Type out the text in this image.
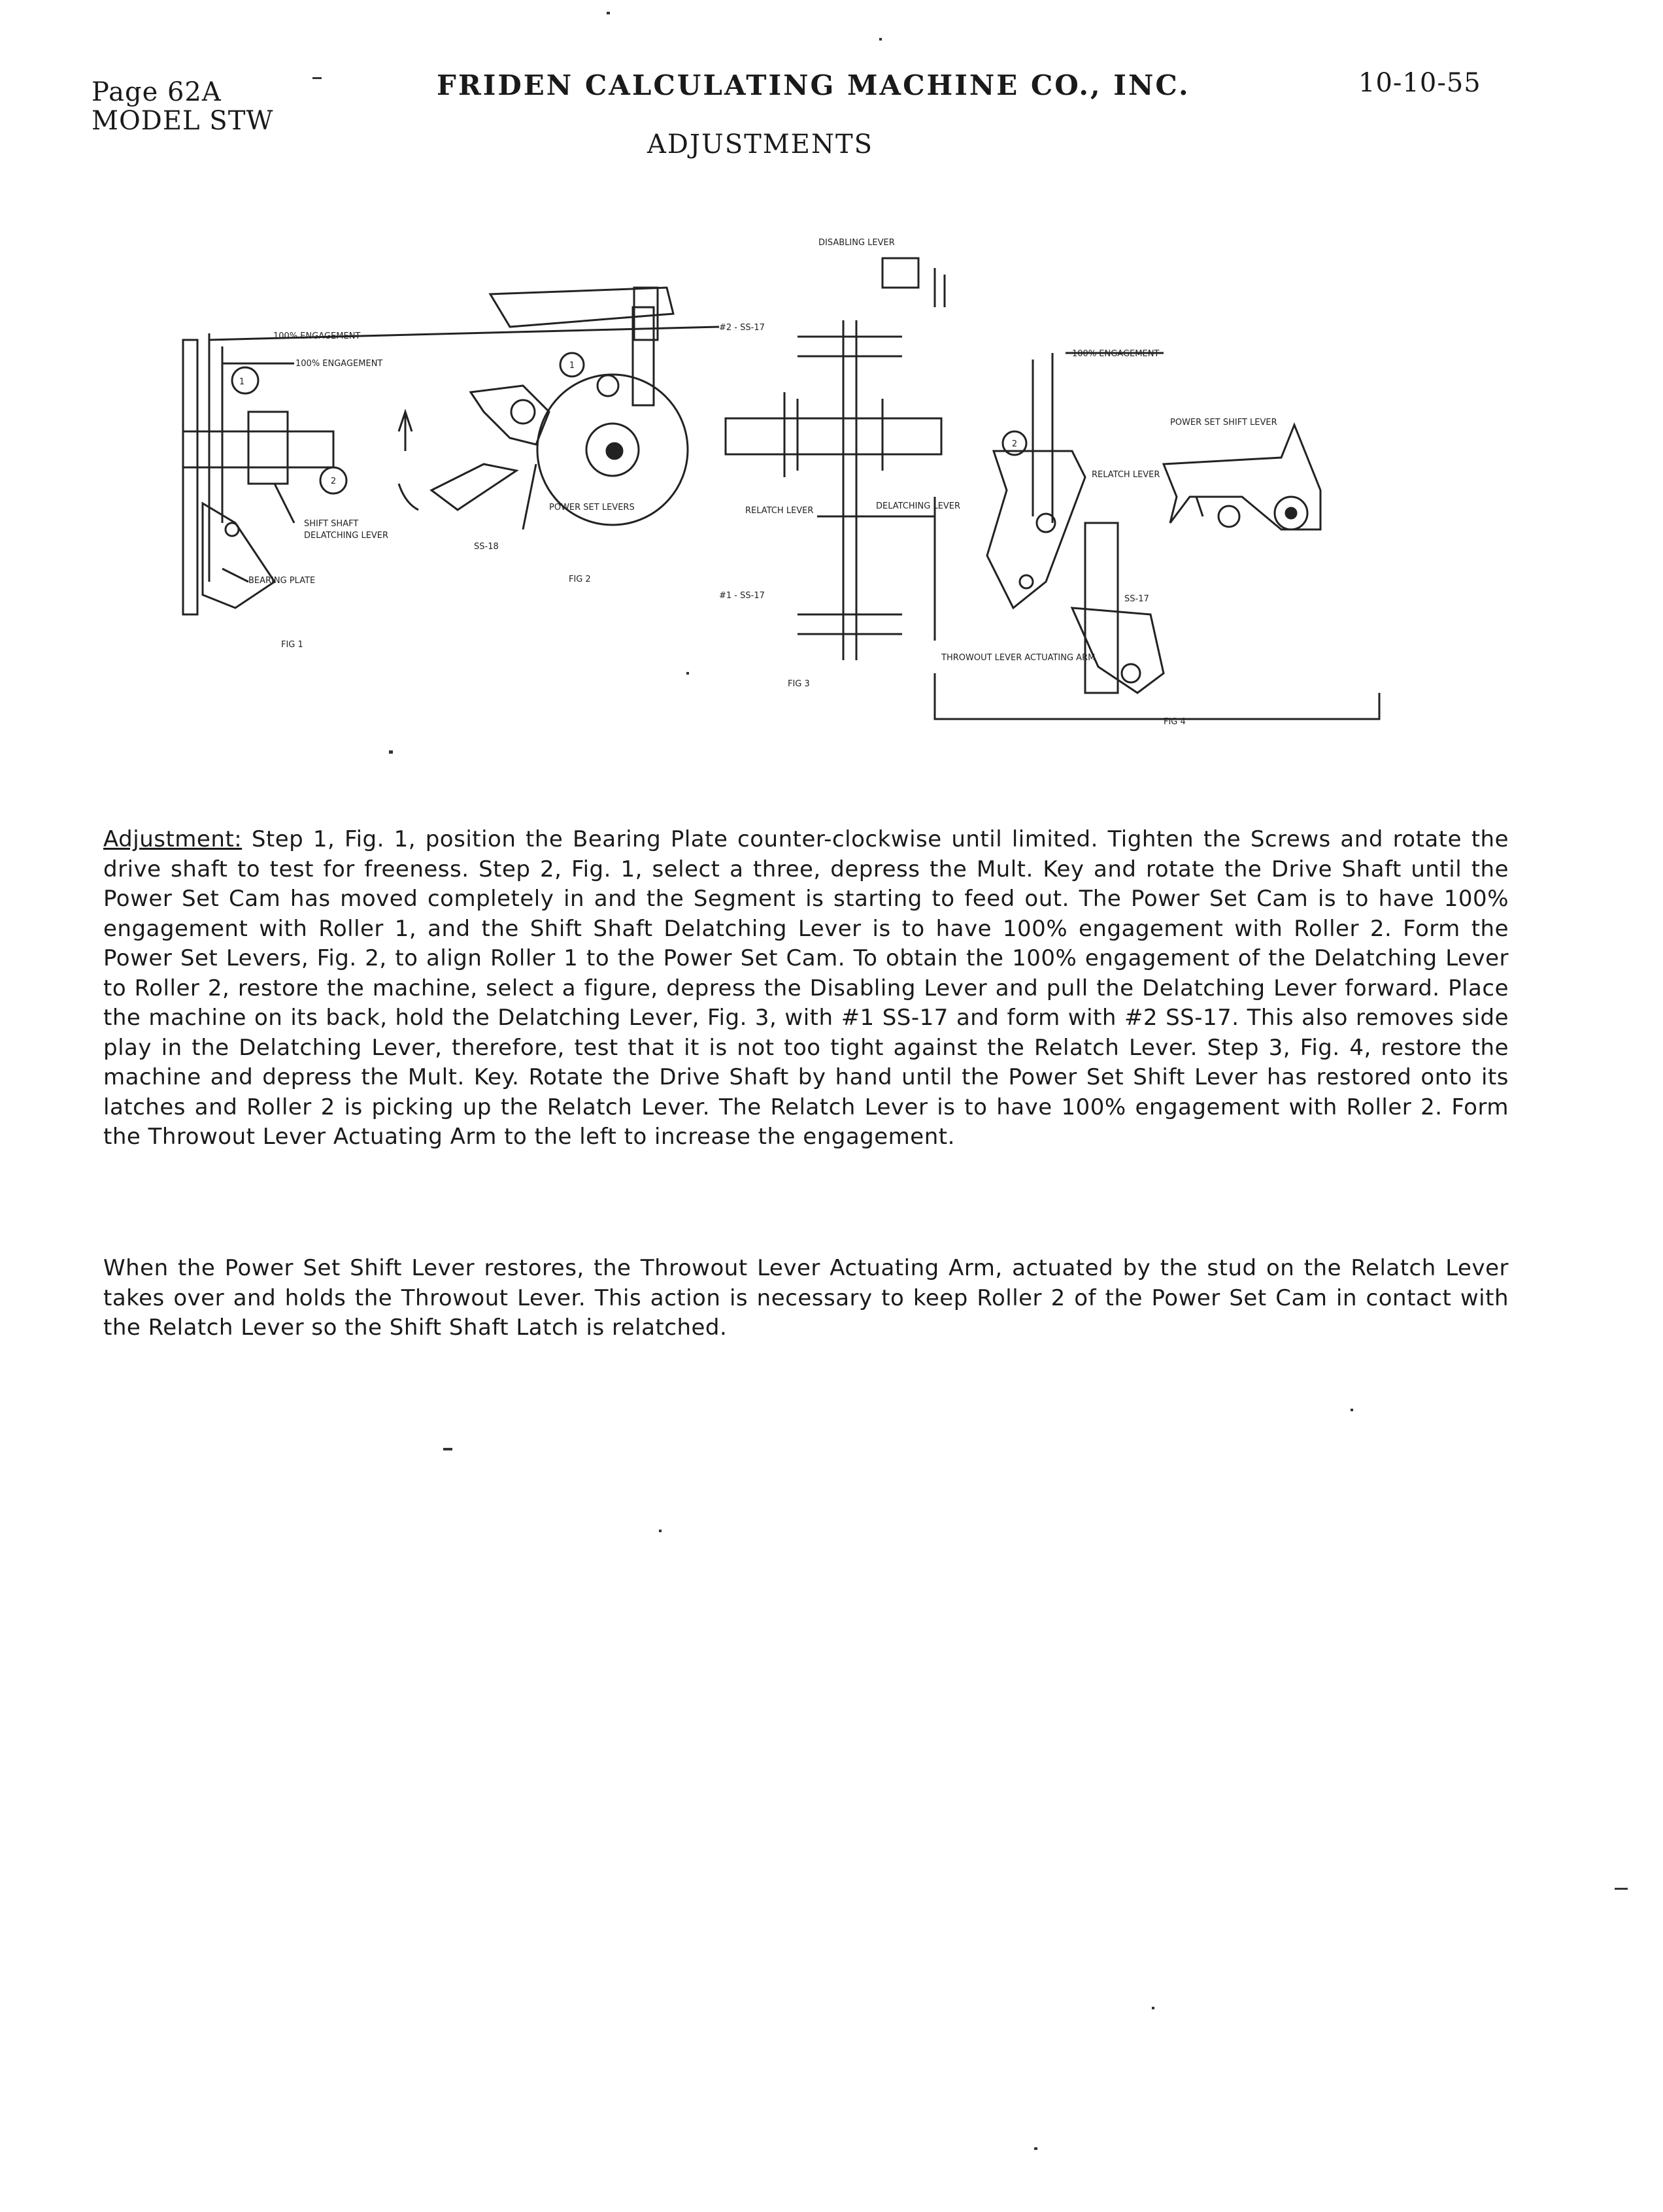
Page 62A
MODEL STW
FRIDEN CALCULATING MACHINE CO., INC.	10-10-55
ADJUSTMENTS
100% ENGAGEMENT
100% ENGAGEMENT
1
2
SHIFT SHAFT
DELATCHING LEVER
BEARING PLATE
FIG 1
1
POWER SET LEVERS
SS-18
FIG 2
DISABLING LEVER
#2 - SS-17
RELATCH LEVER	DELATCHING LEVER
#1 - SS-17
FIG 3
100% ENGAGEMENT
2
RELATCH LEVER
POWER SET SHIFT LEVER
SS-17
THROWOUT LEVER ACTUATING ARM
FIG 4
Adjustment: Step 1, Fig. 1, position the Bearing Plate counter-clockwise until limited. Tighten the Screws and rotate the drive shaft to test for freeness. Step 2, Fig. 1, select a three, depress the Mult. Key and rotate the Drive Shaft until the Power Set Cam has moved completely in and the Segment is starting to feed out. The Power Set Cam is to have 100% engagement with Roller 1, and the Shift Shaft Delatching Lever is to have 100% engagement with Roller 2. Form the Power Set Levers, Fig. 2, to align Roller 1 to the Power Set Cam. To obtain the 100% engagement of the Delatching Lever to Roller 2, restore the machine, select a figure, depress the Disabling Lever and pull the Delatching Lever forward. Place the machine on its back, hold the Delatching Lever, Fig. 3, with #1 SS-17 and form with #2 SS-17. This also removes side play in the Delatching Lever, therefore, test that it is not too tight against the Relatch Lever. Step 3, Fig. 4, restore the machine and depress the Mult. Key. Rotate the Drive Shaft by hand until the Power Set Shift Lever has restored onto its latches and Roller 2 is picking up the Relatch Lever. The Relatch Lever is to have 100% engagement with Roller 2. Form the Throwout Lever Actuating Arm to the left to increase the engagement.
When the Power Set Shift Lever restores, the Throwout Lever Actuating Arm, actuated by the stud on the Relatch Lever takes over and holds the Throwout Lever. This action is necessary to keep Roller 2 of the Power Set Cam in contact with the Relatch Lever so the Shift Shaft Latch is relatched.
